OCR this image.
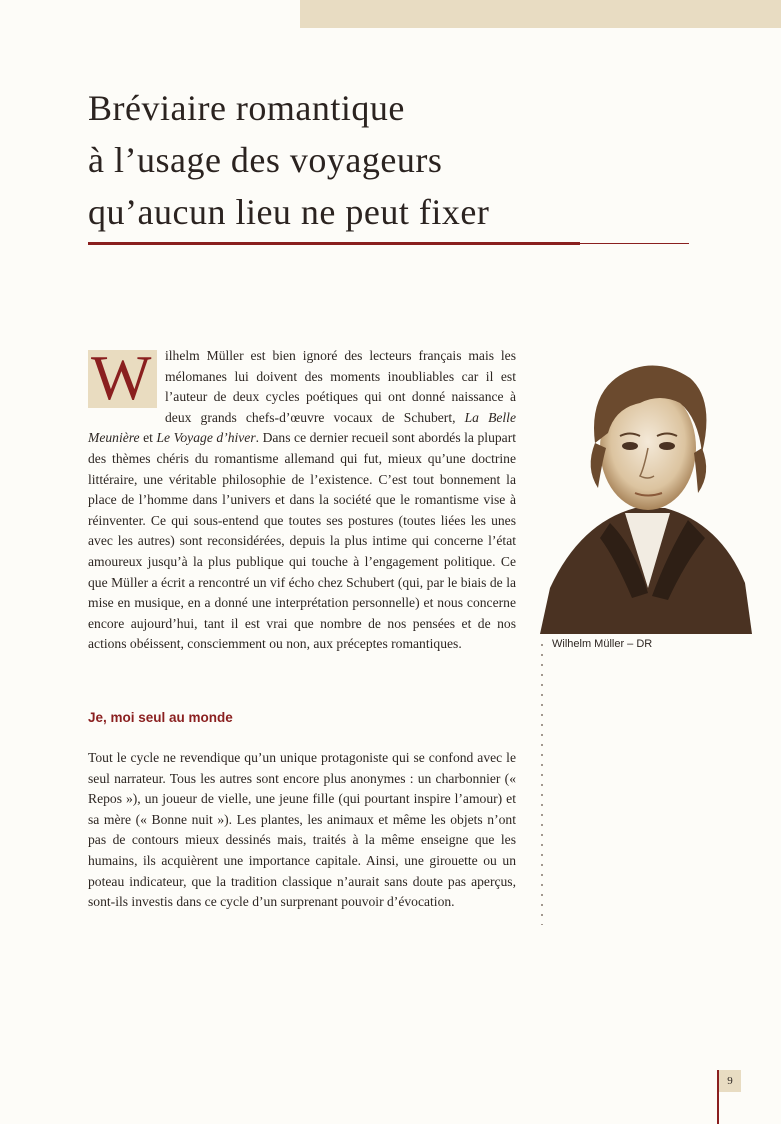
Bréviaire romantique
à l’usage des voyageurs
qu’aucun lieu ne peut fixer
W ilhelm Müller est bien ignoré des lecteurs français mais les mélomanes lui doivent des moments inoubliables car il est l’auteur de deux cycles poétiques qui ont donné naissance à deux grands chefs-d’œuvre vocaux de Schubert, La Belle Meunière et Le Voyage d’hiver. Dans ce dernier recueil sont abordés la plupart des thèmes chéris du romantisme allemand qui fut, mieux qu’une doctrine littéraire, une véritable philosophie de l’existence. C’est tout bonnement la place de l’homme dans l’univers et dans la société que le romantisme vise à réinventer. Ce qui sous-entend que toutes ses postures (toutes liées les unes avec les autres) sont reconsidérées, depuis la plus intime qui concerne l’état amoureux jusqu’à la plus publique qui touche à l’engagement politique. Ce que Müller a écrit a rencontré un vif écho chez Schubert (qui, par le biais de la mise en musique, en a donné une interprétation personnelle) et nous concerne encore aujourd’hui, tant il est vrai que nombre de nos pensées et de nos actions obéissent, consciemment ou non, aux préceptes romantiques.	Wilhelm Müller – DR
Je, moi seul au monde
Tout le cycle ne revendique qu’un unique protagoniste qui se confond avec le seul narrateur. Tous les autres sont encore plus anonymes : un charbonnier (« Repos »), un joueur de vielle, une jeune fille (qui pourtant inspire l’amour) et sa mère (« Bonne nuit »). Les plantes, les animaux et même les objets n’ont pas de contours mieux dessinés mais, traités à la même enseigne que les humains, ils acquièrent une importance capitale. Ainsi, une girouette ou un poteau indicateur, que la tradition classique n’aurait sans doute pas aperçus, sont-ils investis dans ce cycle d’un surprenant pouvoir d’évocation.
9
